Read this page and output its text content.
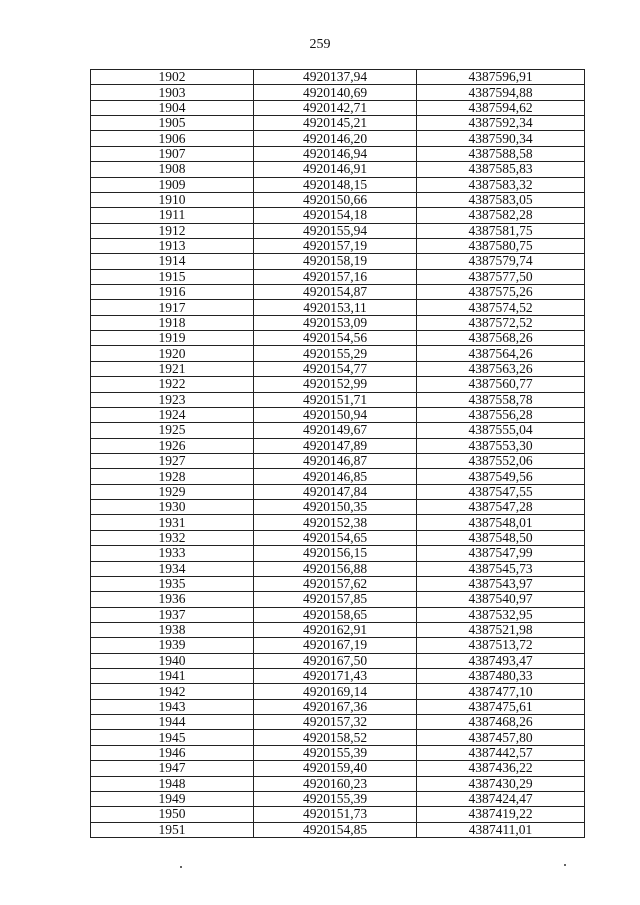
259
1902	4920137,94	4387596,91
1903	4920140,69	4387594,88
1904	4920142,71	4387594,62
1905	4920145,21	4387592,34
1906	4920146,20	4387590,34
1907	4920146,94	4387588,58
1908	4920146,91	4387585,83
1909	4920148,15	4387583,32
1910	4920150,66	4387583,05
1911	4920154,18	4387582,28
1912	4920155,94	4387581,75
1913	4920157,19	4387580,75
1914	4920158,19	4387579,74
1915	4920157,16	4387577,50
1916	4920154,87	4387575,26
1917	4920153,11	4387574,52
1918	4920153,09	4387572,52
1919	4920154,56	4387568,26
1920	4920155,29	4387564,26
1921	4920154,77	4387563,26
1922	4920152,99	4387560,77
1923	4920151,71	4387558,78
1924	4920150,94	4387556,28
1925	4920149,67	4387555,04
1926	4920147,89	4387553,30
1927	4920146,87	4387552,06
1928	4920146,85	4387549,56
1929	4920147,84	4387547,55
1930	4920150,35	4387547,28
1931	4920152,38	4387548,01
1932	4920154,65	4387548,50
1933	4920156,15	4387547,99
1934	4920156,88	4387545,73
1935	4920157,62	4387543,97
1936	4920157,85	4387540,97
1937	4920158,65	4387532,95
1938	4920162,91	4387521,98
1939	4920167,19	4387513,72
1940	4920167,50	4387493,47
1941	4920171,43	4387480,33
1942	4920169,14	4387477,10
1943	4920167,36	4387475,61
1944	4920157,32	4387468,26
1945	4920158,52	4387457,80
1946	4920155,39	4387442,57
1947	4920159,40	4387436,22
1948	4920160,23	4387430,29
1949	4920155,39	4387424,47
1950	4920151,73	4387419,22
1951	4920154,85	4387411,01
